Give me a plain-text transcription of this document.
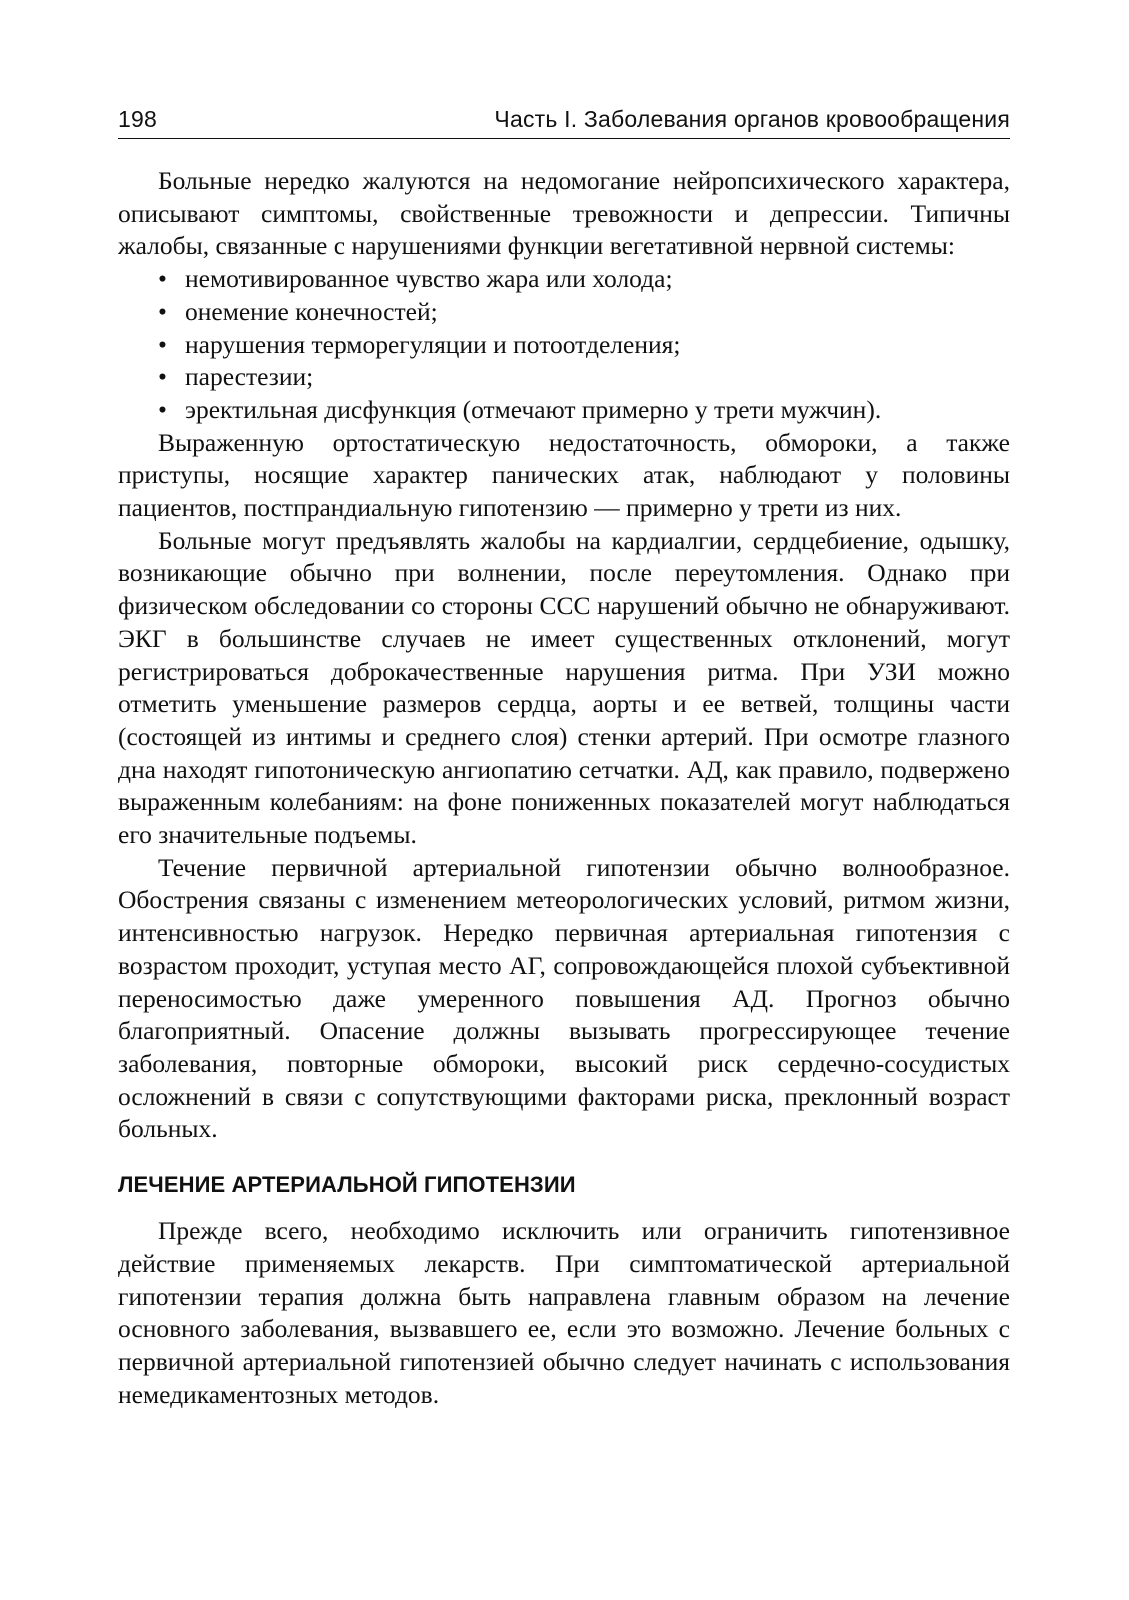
198	Часть I. Заболевания органов кровообращения

Больные нередко жалуются на недомогание нейропсихического характера, описывают симптомы, свойственные тревожности и депрессии. Типичны жалобы, связанные с нарушениями функции вегетативной нервной системы:

• немотивированное чувство жара или холода;
• онемение конечностей;
• нарушения терморегуляции и потоотделения;
• парестезии;
• эректильная дисфункция (отмечают примерно у трети мужчин).

Выраженную ортостатическую недостаточность, обмороки, а также приступы, носящие характер панических атак, наблюдают у половины пациентов, постпрандиальную гипотензию — примерно у трети из них.

Больные могут предъявлять жалобы на кардиалгии, сердцебиение, одышку, возникающие обычно при волнении, после переутомления. Однако при физическом обследовании со стороны ССС нарушений обычно не обнаруживают. ЭКГ в большинстве случаев не имеет существенных отклонений, могут регистрироваться доброкачественные нарушения ритма. При УЗИ можно отметить уменьшение размеров сердца, аорты и ее ветвей, толщины части (состоящей из интимы и среднего слоя) стенки артерий. При осмотре глазного дна находят гипотоническую ангиопатию сетчатки. АД, как правило, подвержено выраженным колебаниям: на фоне пониженных показателей могут наблюдаться его значительные подъемы.

Течение первичной артериальной гипотензии обычно волнообразное. Обострения связаны с изменением метеорологических условий, ритмом жизни, интенсивностью нагрузок. Нередко первичная артериальная гипотензия с возрастом проходит, уступая место АГ, сопровождающейся плохой субъективной переносимостью даже умеренного повышения АД. Прогноз обычно благоприятный. Опасение должны вызывать прогрессирующее течение заболевания, повторные обмороки, высокий риск сердечно-сосудистых осложнений в связи с сопутствующими факторами риска, преклонный возраст больных.

ЛЕЧЕНИЕ АРТЕРИАЛЬНОЙ ГИПОТЕНЗИИ

Прежде всего, необходимо исключить или ограничить гипотензивное действие применяемых лекарств. При симптоматической артериальной гипотензии терапия должна быть направлена главным образом на лечение основного заболевания, вызвавшего ее, если это возможно. Лечение больных с первичной артериальной гипотензией обычно следует начинать с использования немедикаментозных методов.
